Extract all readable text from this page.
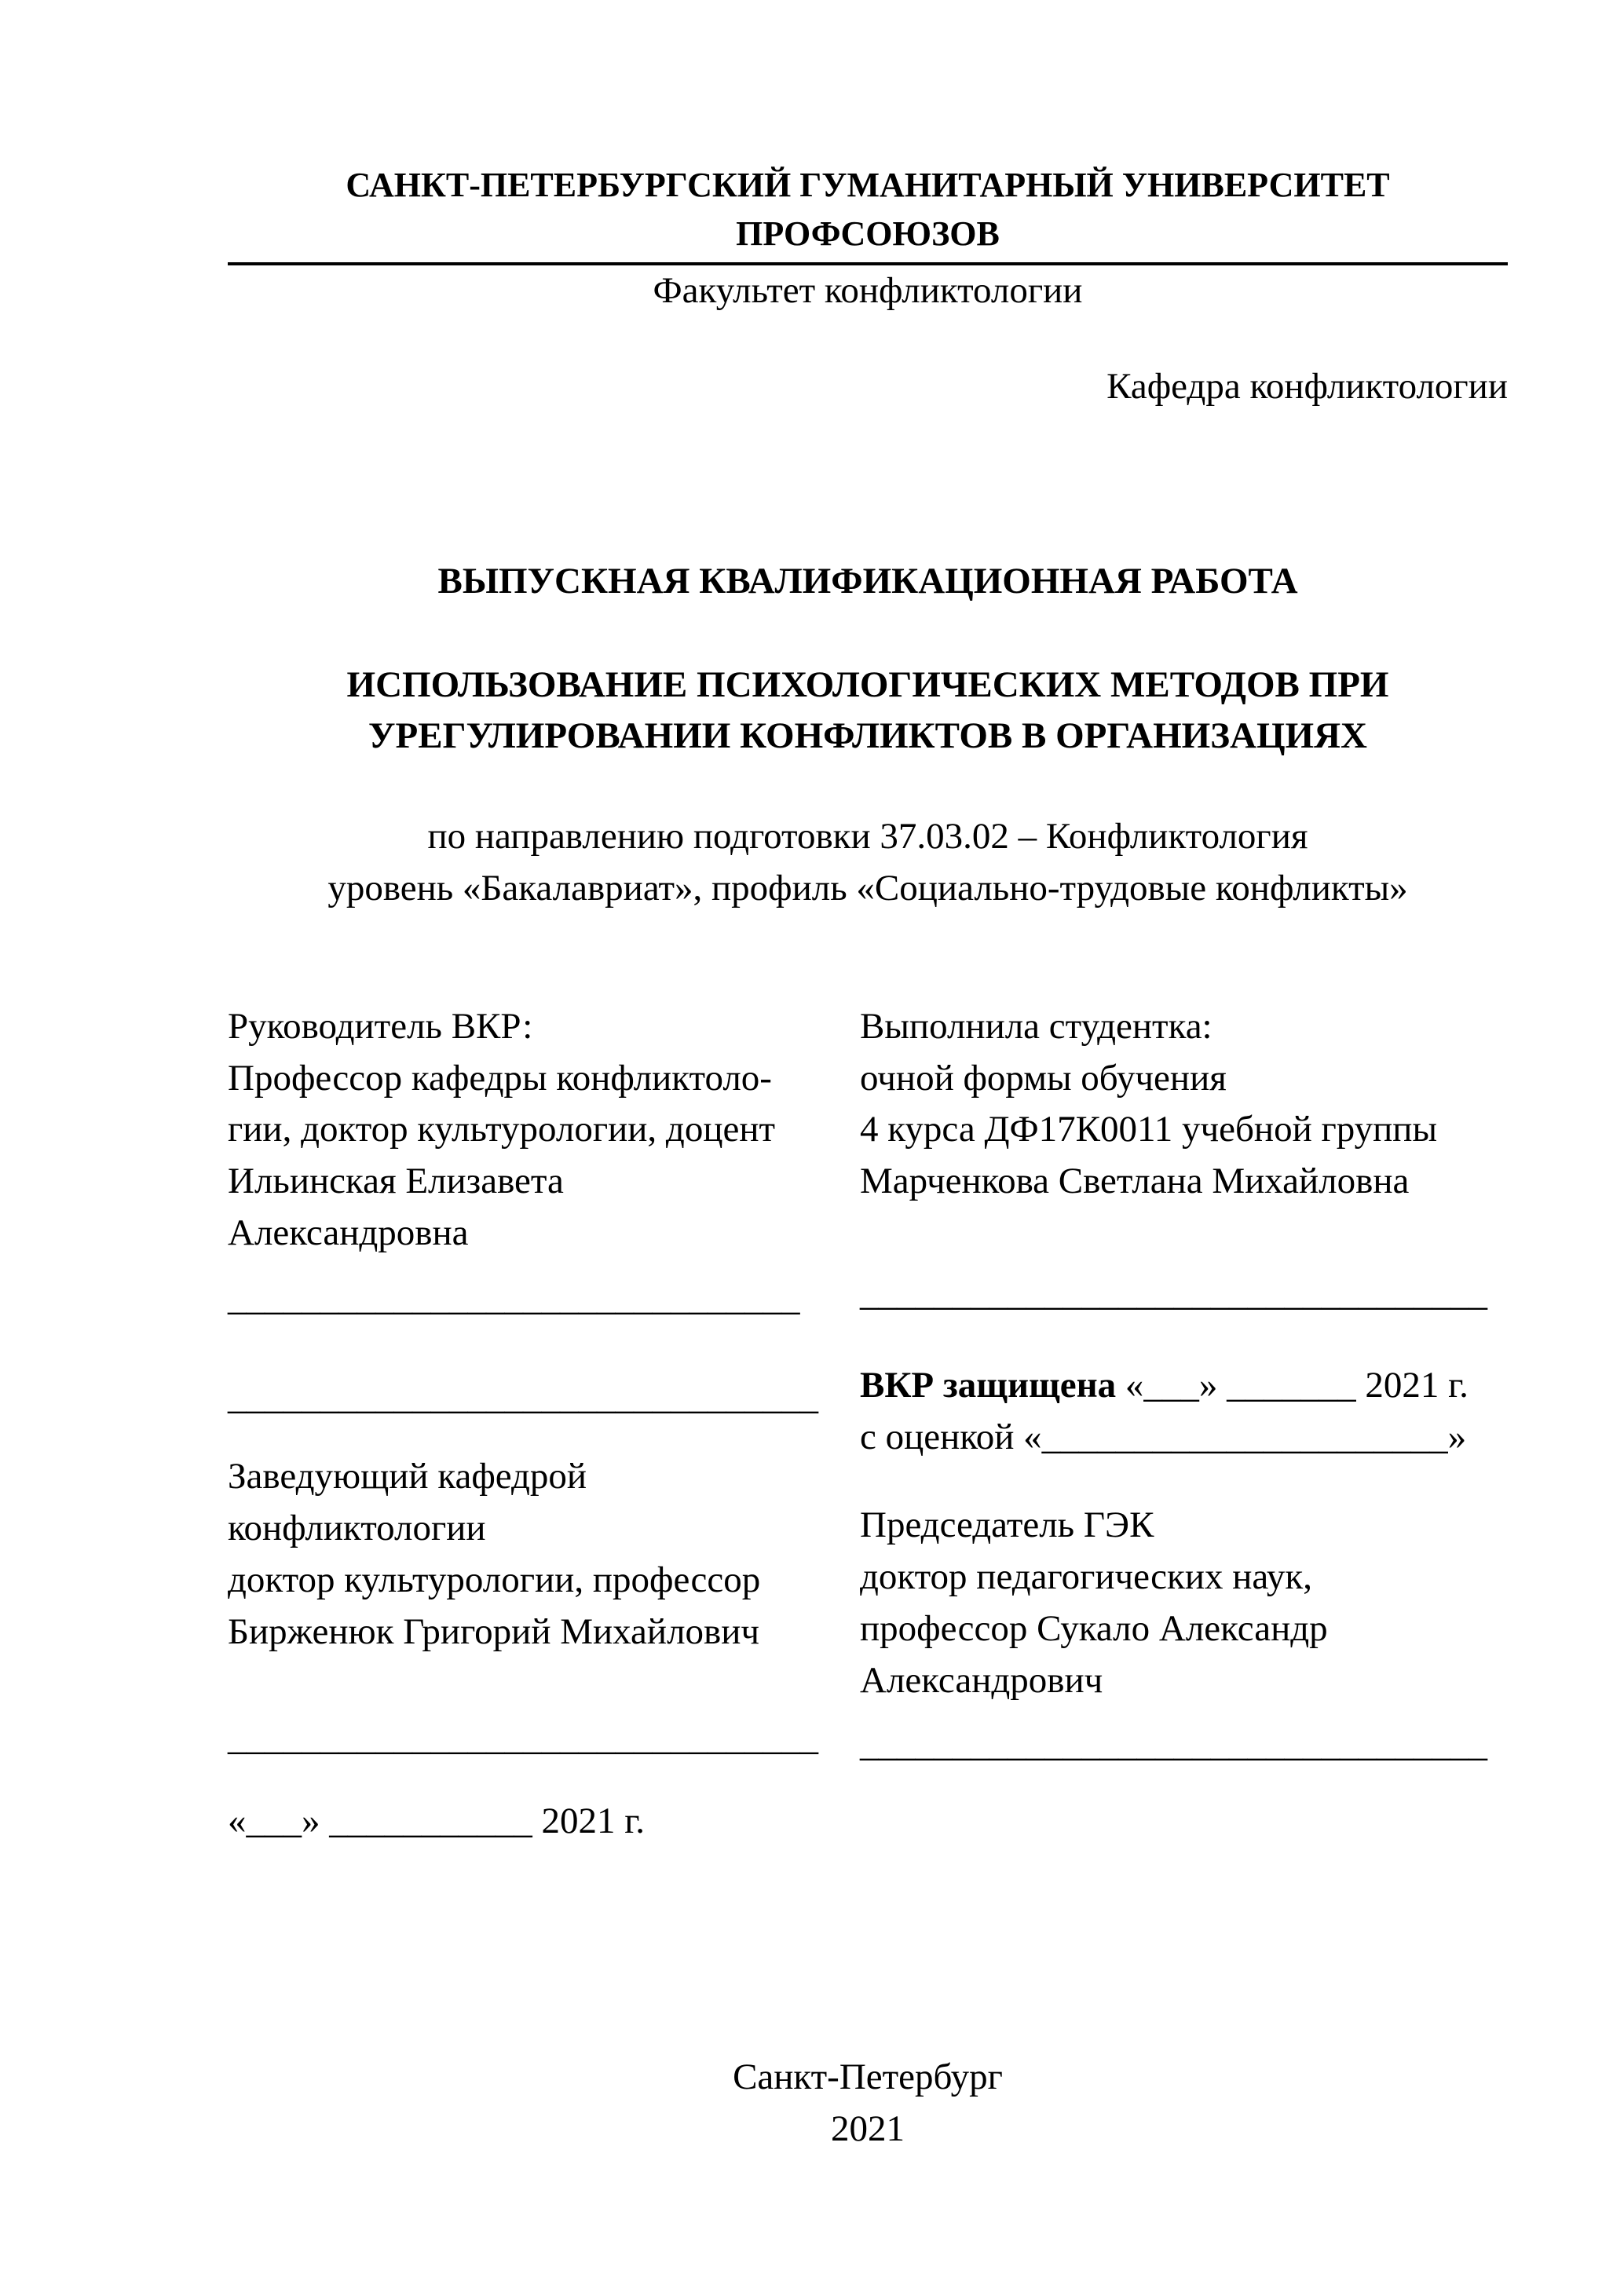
САНКТ-ПЕТЕРБУРГСКИЙ ГУМАНИТАРНЫЙ УНИВЕРСИТЕТ ПРОФСОЮЗОВ
Факультет конфликтологии
Кафедра конфликтологии
ВЫПУСКНАЯ КВАЛИФИКАЦИОННАЯ РАБОТА
ИСПОЛЬЗОВАНИЕ ПСИХОЛОГИЧЕСКИХ МЕТОДОВ ПРИ
УРЕГУЛИРОВАНИИ КОНФЛИКТОВ В ОРГАНИЗАЦИЯХ
по направлению подготовки 37.03.02 – Конфликтология
уровень «Бакалавриат», профиль «Социально-трудовые конфликты»
Руководитель ВКР:
Профессор кафедры конфликтоло-
гии, доктор культурологии, доцент
Ильинская Елизавета
Александровна
_______________________________
________________________________
Заведующий кафедрой
конфликтологии
доктор культурологии, профессор
Бирженюк Григорий Михайлович
________________________________
«___» ___________ 2021 г.
Выполнила студентка:
очной формы обучения
4 курса ДФ17К0011 учебной группы
Марченкова Светлана Михайловна
__________________________________
ВКР защищена «___» _______ 2021 г.
с оценкой «______________________»
Председатель ГЭК
доктор педагогических наук,
профессор Сукало Александр
Александрович
__________________________________
Санкт-Петербург
2021
